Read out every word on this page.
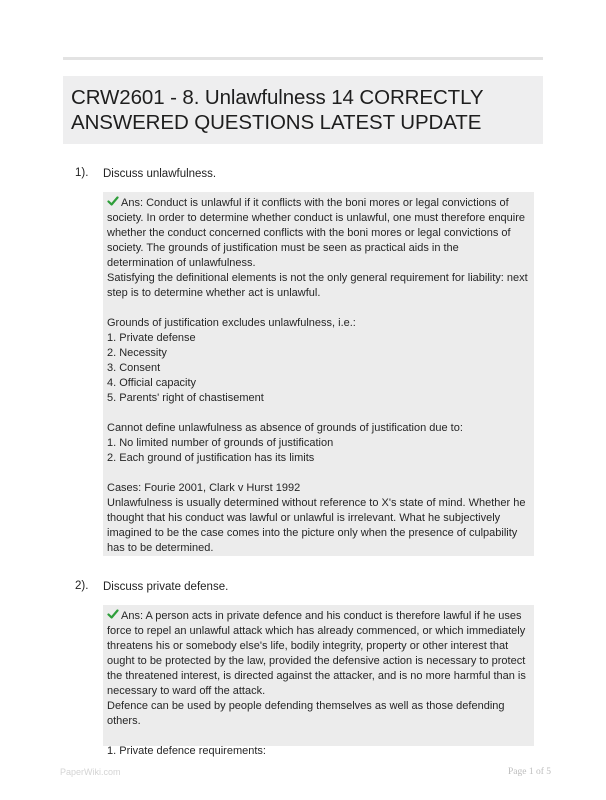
CRW2601 - 8. Unlawfulness 14 CORRECTLY ANSWERED QUESTIONS LATEST UPDATE
1). Discuss unlawfulness.

Ans: Conduct is unlawful if it conflicts with the boni mores or legal convictions of society. In order to determine whether conduct is unlawful, one must therefore enquire whether the conduct concerned conflicts with the boni mores or legal convictions of society. The grounds of justification must be seen as practical aids in the determination of unlawfulness.

Satisfying the definitional elements is not the only general requirement for liability: next step is to determine whether act is unlawful.

Grounds of justification excludes unlawfulness, i.e.:

1. Private defense

2. Necessity

3. Consent

4. Official capacity

5. Parents' right of chastisement

Cannot define unlawfulness as absence of grounds of justification due to:

1. No limited number of grounds of justification

2. Each ground of justification has its limits

Cases: Fourie 2001, Clark v Hurst 1992

Unlawfulness is usually determined without reference to X's state of mind. Whether he thought that his conduct was lawful or unlawful is irrelevant. What he subjectively imagined to be the case comes into the picture only when the presence of culpability has to be determined.

2). Discuss private defense.

Ans: A person acts in private defence and his conduct is therefore lawful if he uses force to repel an unlawful attack which has already commenced, or which immediately threatens his or somebody else's life, bodily integrity, property or other interest that ought to be protected by the law, provided the defensive action is necessary to protect the threatened interest, is directed against the attacker, and is no more harmful than is necessary to ward off the attack.

Defence can be used by people defending themselves as well as those defending others.

1. Private defence requirements:

PaperWiki.com	Page 1 of 5
